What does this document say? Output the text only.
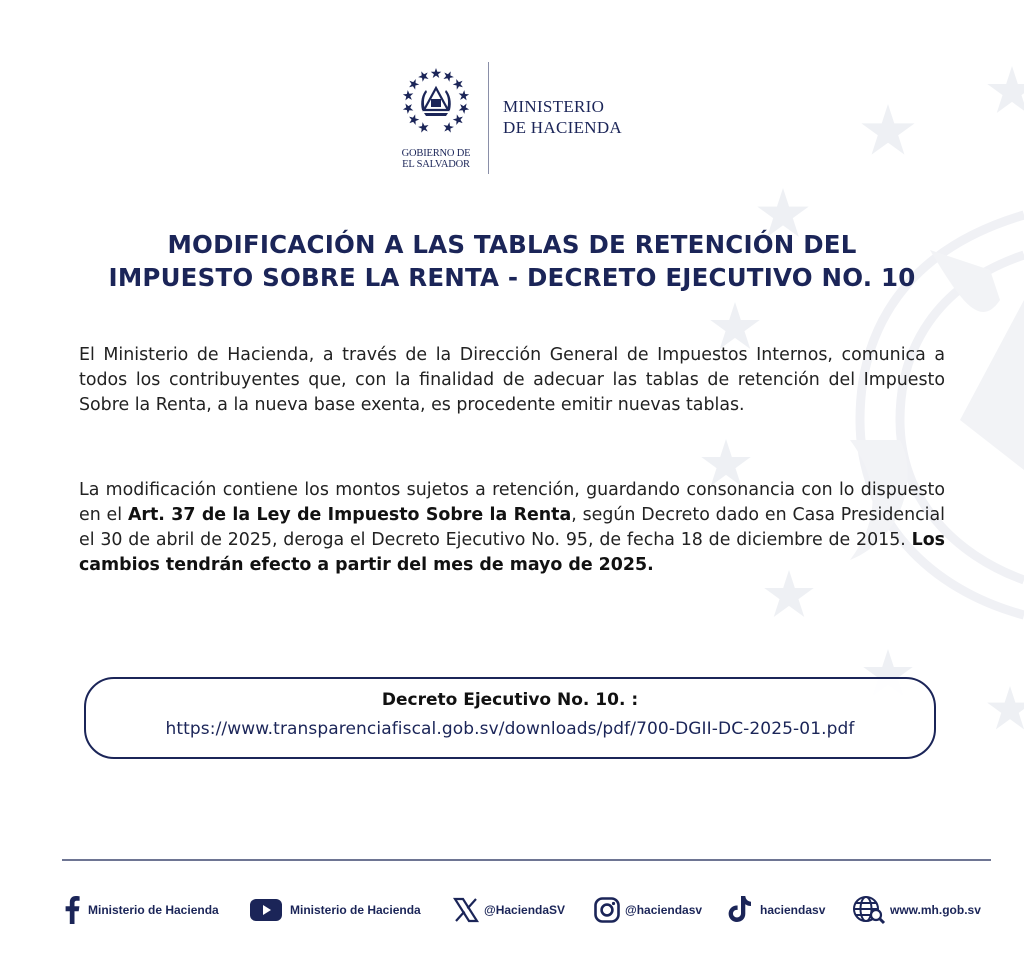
GOBIERNO DE
EL SALVADOR
MINISTERIO
DE HACIENDA
MODIFICACIÓN A LAS TABLAS DE RETENCIÓN DEL
IMPUESTO SOBRE LA RENTA - DECRETO EJECUTIVO NO. 10
El Ministerio de Hacienda, a través de la Dirección General de Impuestos Internos, comunica a todos los contribuyentes que, con la finalidad de adecuar las tablas de retención del Impuesto Sobre la Renta, a la nueva base exenta, es procedente emitir nuevas tablas.
La modificación contiene los montos sujetos a retención, guardando consonancia con lo dispuesto en el Art. 37 de la Ley de Impuesto Sobre la Renta, según Decreto dado en Casa Presidencial el 30 de abril de 2025, deroga el Decreto Ejecutivo No. 95, de fecha 18 de diciembre de 2015. Los cambios tendrán efecto a partir del mes de mayo de 2025.
Decreto Ejecutivo No. 10. :
https://www.transparenciafiscal.gob.sv/downloads/pdf/700-DGII-DC-2025-01.pdf
Ministerio de Hacienda	Ministerio de Hacienda	@HaciendaSV	@haciendasv	haciendasv	www.mh.gob.sv
